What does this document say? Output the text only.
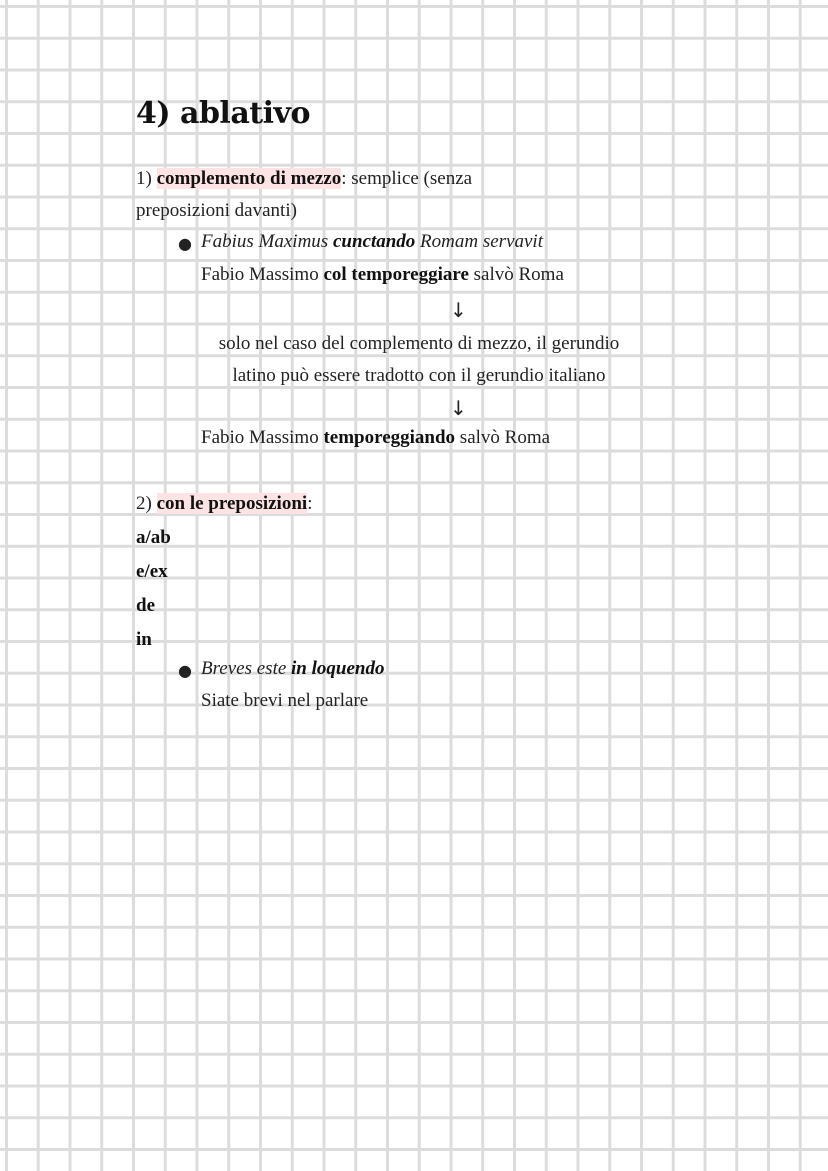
4) ablativo
1) complemento di mezzo: semplice (senza
preposizioni davanti)
● Fabius Maximus cunctando Romam servavit
Fabio Massimo col temporeggiare salvò Roma
↓
solo nel caso del complemento di mezzo, il gerundio
latino può essere tradotto con il gerundio italiano
↓
Fabio Massimo temporeggiando salvò Roma
2) con le preposizioni:
a/ab
e/ex
de
in
● Breves este in loquendo
Siate brevi nel parlare
